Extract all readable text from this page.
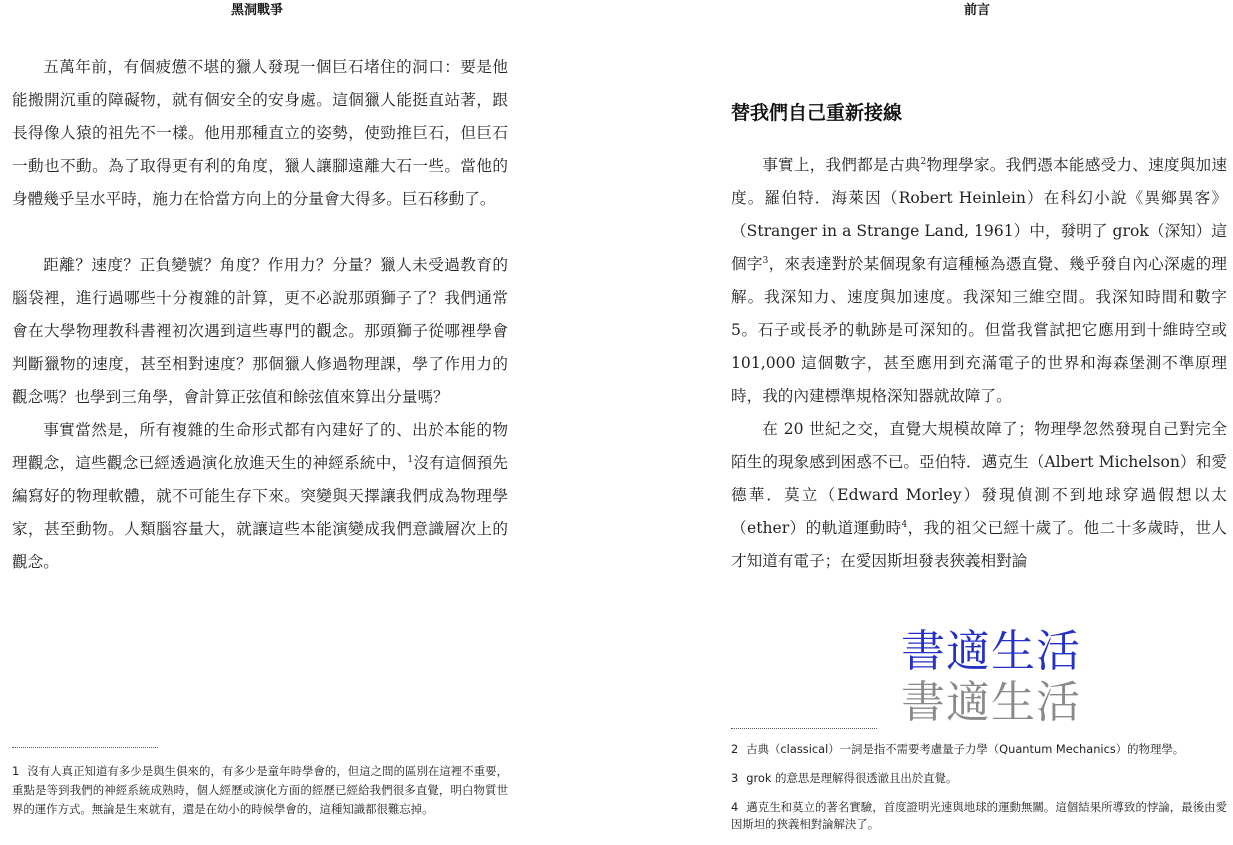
黑洞戰爭

五萬年前，有個疲憊不堪的獵人發現一個巨石堵住的洞口：要是他能搬開沉重的障礙物，就有個安全的安身處。這個獵人能挺直站著，跟長得像人猿的祖先不一樣。他用那種直立的姿勢，使勁推巨石，但巨石一動也不動。為了取得更有利的角度，獵人讓腳遠離大石一些。當他的身體幾乎呈水平時，施力在恰當方向上的分量會大得多。巨石移動了。

距離？速度？正負變號？角度？作用力？分量？獵人未受過教育的腦袋裡，進行過哪些十分複雜的計算，更不必說那頭獅子了？我們通常會在大學物理教科書裡初次遇到這些專門的觀念。那頭獅子從哪裡學會判斷獵物的速度，甚至相對速度？那個獵人修過物理課，學了作用力的觀念嗎？也學到三角學，會計算正弦值和餘弦值來算出分量嗎？

事實當然是，所有複雜的生命形式都有內建好了的、出於本能的物理觀念，這些觀念已經透過演化放進天生的神經系統中，$^1$沒有這個預先編寫好的物理軟體，就不可能生存下來。突變與天擇讓我們成為物理學家，甚至動物。人類腦容量大，就讓這些本能演變成我們意識層次上的觀念。

1 沒有人真正知道有多少是與生俱來的，有多少是童年時學會的，但這之間的區別在這裡不重要，重點是等到我們的神經系統成熟時，個人經歷或演化方面的經歷已經給我們很多直覺，明白物質世界的運作方式。無論是生來就有，還是在幼小的時候學會的，這種知識都很難忘掉。

前言
替我們自己重新接線

事實上，我們都是古典$^2$物理學家。我們憑本能感受力、速度與加速度。羅伯特．海萊因（Robert Heinlein）在科幻小說《異鄉異客》（Stranger in a Strange Land, 1961）中，發明了 grok（深知）這個字$^3$，來表達對於某個現象有這種極為憑直覺、幾乎發自內心深處的理解。我深知力、速度與加速度。我深知三維空間。我深知時間和數字 5。石子或長矛的軌跡是可深知的。但當我嘗試把它應用到十維時空或 101,000 這個數字，甚至應用到充滿電子的世界和海森堡測不準原理時，我的內建標準規格深知器就故障了。

在 20 世紀之交，直覺大規模故障了；物理學忽然發現自己對完全陌生的現象感到困惑不已。亞伯特．邁克生（Albert Michelson）和愛德華．莫立（Edward Morley）發現偵測不到地球穿過假想以太（ether）的軌道運動時$^4$，我的祖父已經十歲了。他二十多歲時，世人才知道有電子；在愛因斯坦發表狹義相對論

書適生活
書適生活

2 古典（classical）一詞是指不需要考慮量子力學（Quantum Mechanics）的物理學。

3 grok 的意思是理解得很透澈且出於直覺。

4 邁克生和莫立的著名實驗，首度證明光速與地球的運動無關。這個結果所導致的悖論，最後由愛因斯坦的狹義相對論解決了。
